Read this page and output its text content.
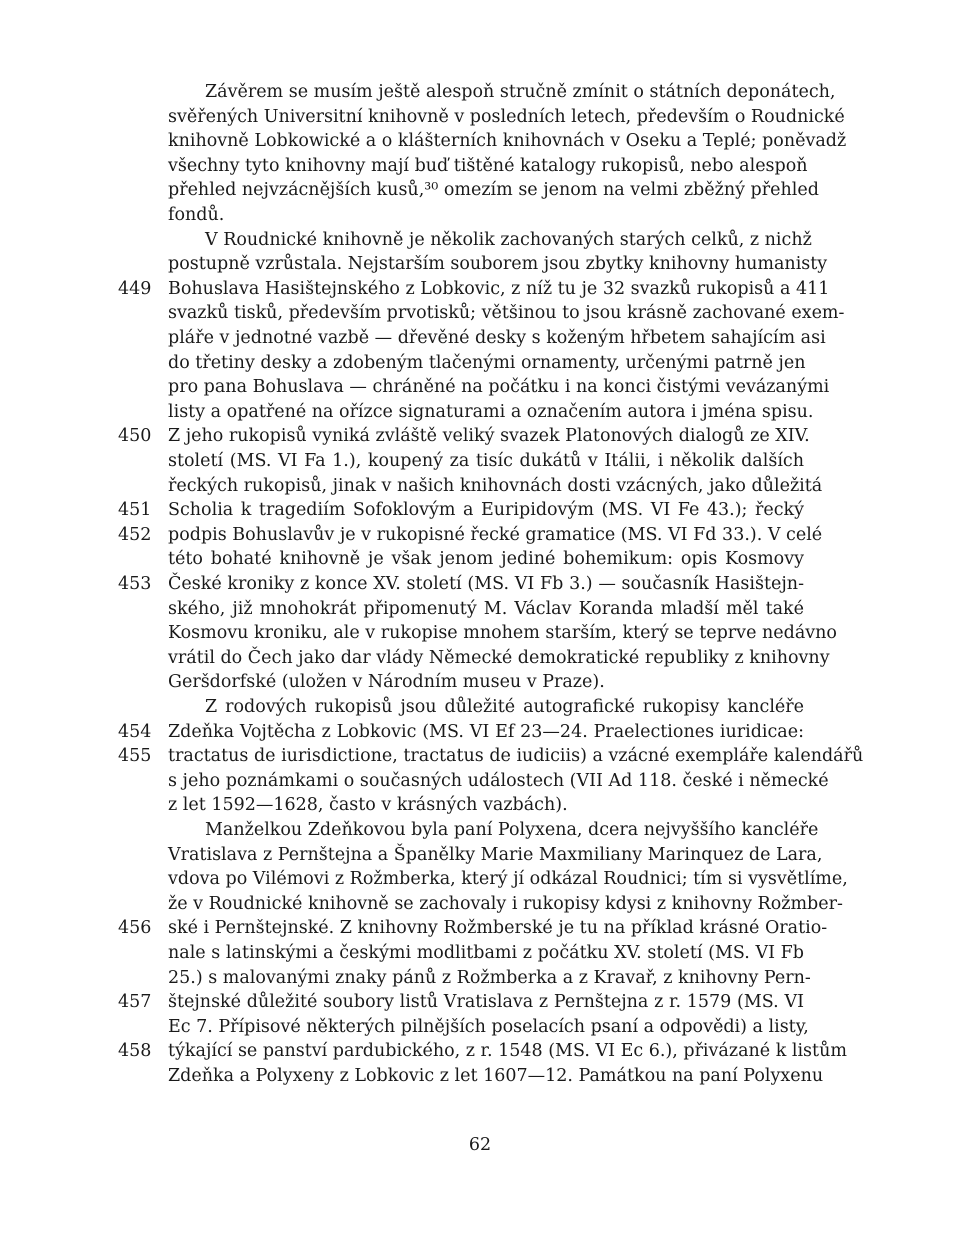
Závěrem se musím ještě alespoň stručně zmínit o státních deponátech,
svěřených Universitní knihovně v posledních letech, především o Roudnické
knihovně Lobkowické a o klášterních knihovnách v Oseku a Teplé; poněvadž
všechny tyto knihovny mají buď tištěné katalogy rukopisů, nebo alespoň
přehled nejvzácnějších kusů,³⁰ omezím se jenom na velmi zběžný přehled
fondů.
V Roudnické knihovně je několik zachovaných starých celků, z nichž
postupně vzrůstala. Nejstarším souborem jsou zbytky knihovny humanisty
Bohuslava Hasištejnského z Lobkovic, z níž tu je 32 svazků rukopisů a 411
svazků tisků, především prvotisků; většinou to jsou krásně zachované exem-
pláře v jednotné vazbě — dřevěné desky s koženým hřbetem sahajícím asi
do třetiny desky a zdobeným tlačenými ornamenty, určenými patrně jen
pro pana Bohuslava — chráněné na počátku i na konci čistými vevázanými
listy a opatřené na ořízce signaturami a označením autora i jména spisu.
Z jeho rukopisů vyniká zvláště veliký svazek Platonových dialogů ze XIV.
století (MS. VI Fa 1.), koupený za tisíc dukátů v Itálii, i několik dalších
řeckých rukopisů, jinak v našich knihovnách dosti vzácných, jako důležitá
Scholia k tragediím Sofoklovým a Euripidovým (MS. VI Fe 43.); řecký
podpis Bohuslavův je v rukopisné řecké gramatice (MS. VI Fd 33.). V celé
této bohaté knihovně je však jenom jediné bohemikum: opis Kosmovy
České kroniky z konce XV. století (MS. VI Fb 3.) — současník Hasištejn-
ského, již mnohokrát připomenutý M. Václav Koranda mladší měl také
Kosmovu kroniku, ale v rukopise mnohem starším, který se teprve nedávno
vrátil do Čech jako dar vlády Německé demokratické republiky z knihovny
Geršdorfské (uložen v Národním museu v Praze).
Z rodových rukopisů jsou důležité autografické rukopisy kancléře
Zdeňka Vojtěcha z Lobkovic (MS. VI Ef 23—24. Praelectiones iuridicae:
tractatus de iurisdictione, tractatus de iudiciis) a vzácné exempláře kalendářů
s jeho poznámkami o současných událostech (VII Ad 118. české i německé
z let 1592—1628, často v krásných vazbách).
Manželkou Zdeňkovou byla paní Polyxena, dcera nejvyššího kancléře
Vratislava z Pernštejna a Španělky Marie Maxmiliany Marinquez de Lara,
vdova po Vilémovi z Rožmberka, který jí odkázal Roudnici; tím si vysvětlíme,
že v Roudnické knihovně se zachovaly i rukopisy kdysi z knihovny Rožmber-
ské i Pernštejnské. Z knihovny Rožmberské je tu na příklad krásné Oratio-
nale s latinskými a českými modlitbami z počátku XV. století (MS. VI Fb
25.) s malovanými znaky pánů z Rožmberka a z Kravař, z knihovny Pern-
štejnské důležité soubory listů Vratislava z Pernštejna z r. 1579 (MS. VI
Ec 7. Přípisové některých pilnějších poselacích psaní a odpovědi) a listy,
týkající se panství pardubického, z r. 1548 (MS. VI Ec 6.), přivázané k listům
Zdeňka a Polyxeny z Lobkovic z let 1607—12. Památkou na paní Polyxenu
449
450
451
452
453
454
455
456
457
458
62
